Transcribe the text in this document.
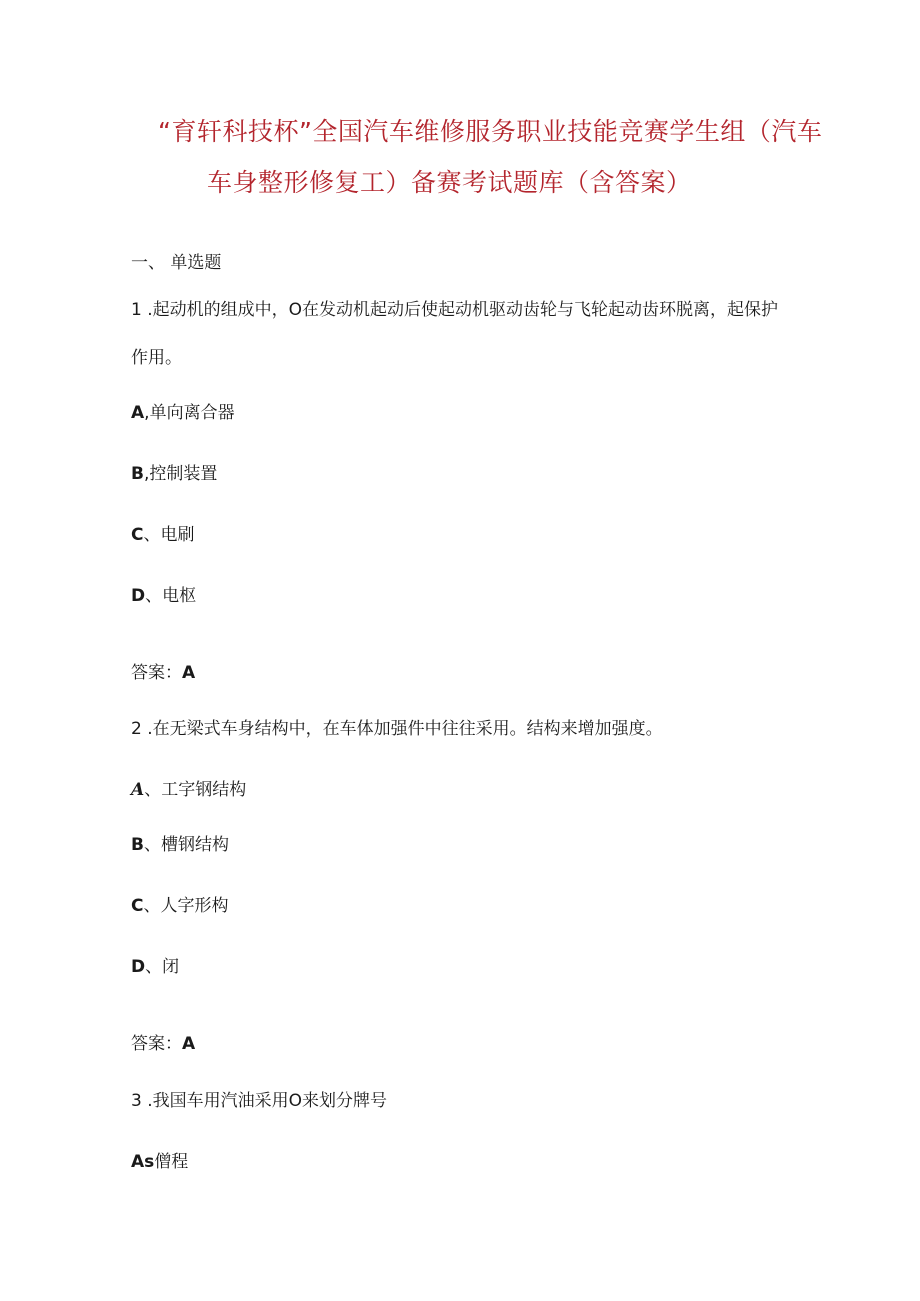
“育轩科技杯”全国汽车维修服务职业技能竞赛学生组（汽车
车身整形修复工）备赛考试题库（含答案）
一、 单选题
1 .起动机的组成中，O在发动机起动后使起动机驱动齿轮与飞轮起动齿环脱离，起保护
作用。
A,单向离合器
B,控制装置
C、电刷
D、电枢
答案：A
2 .在无梁式车身结构中，在车体加强件中往往采用。结构来增加强度。
A、工字钢结构
B、槽钢结构
C、人字形构
D、闭
答案：A
3 .我国车用汽油采用O来划分牌号
As僧程
